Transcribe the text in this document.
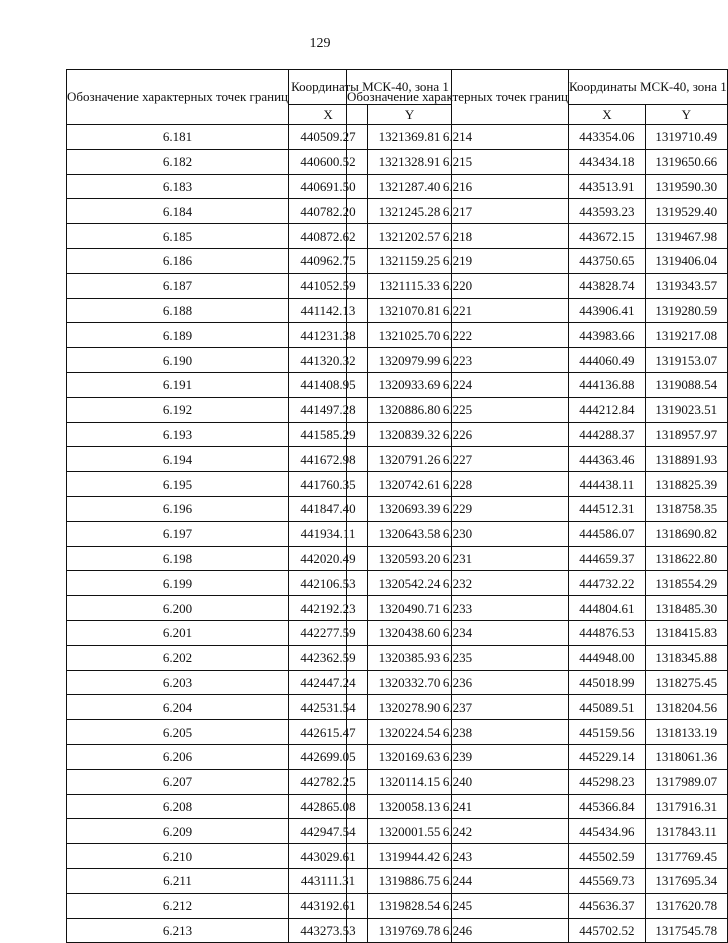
129
Обозначение характерных точек границ	Координаты МСК-40, зона 1	
	X	Y
6.181	440509.27	1321369.81
6.182	440600.52	1321328.91
6.183	440691.50	1321287.40
6.184	440782.20	1321245.28
6.185	440872.62	1321202.57
6.186	440962.75	1321159.25
6.187	441052.59	1321115.33
6.188	441142.13	1321070.81
6.189	441231.38	1321025.70
6.190	441320.32	1320979.99
6.191	441408.95	1320933.69
6.192	441497.28	1320886.80
6.193	441585.29	1320839.32
6.194	441672.98	1320791.26
6.195	441760.35	1320742.61
6.196	441847.40	1320693.39
6.197	441934.11	1320643.58
6.198	442020.49	1320593.20
6.199	442106.53	1320542.24
6.200	442192.23	1320490.71
6.201	442277.59	1320438.60
6.202	442362.59	1320385.93
6.203	442447.24	1320332.70
6.204	442531.54	1320278.90
6.205	442615.47	1320224.54
6.206	442699.05	1320169.63
6.207	442782.25	1320114.15
6.208	442865.08	1320058.13
6.209	442947.54	1320001.55
6.210	443029.61	1319944.42
6.211	443111.31	1319886.75
6.212	443192.61	1319828.54
6.213	443273.53	1319769.78
Обозначение характерных точек границ	Координаты МСК-40, зона 1	
	X	Y
6.214	443354.06	1319710.49
6.215	443434.18	1319650.66
6.216	443513.91	1319590.30
6.217	443593.23	1319529.40
6.218	443672.15	1319467.98
6.219	443750.65	1319406.04
6.220	443828.74	1319343.57
6.221	443906.41	1319280.59
6.222	443983.66	1319217.08
6.223	444060.49	1319153.07
6.224	444136.88	1319088.54
6.225	444212.84	1319023.51
6.226	444288.37	1318957.97
6.227	444363.46	1318891.93
6.228	444438.11	1318825.39
6.229	444512.31	1318758.35
6.230	444586.07	1318690.82
6.231	444659.37	1318622.80
6.232	444732.22	1318554.29
6.233	444804.61	1318485.30
6.234	444876.53	1318415.83
6.235	444948.00	1318345.88
6.236	445018.99	1318275.45
6.237	445089.51	1318204.56
6.238	445159.56	1318133.19
6.239	445229.14	1318061.36
6.240	445298.23	1317989.07
6.241	445366.84	1317916.31
6.242	445434.96	1317843.11
6.243	445502.59	1317769.45
6.244	445569.73	1317695.34
6.245	445636.37	1317620.78
6.246	445702.52	1317545.78
